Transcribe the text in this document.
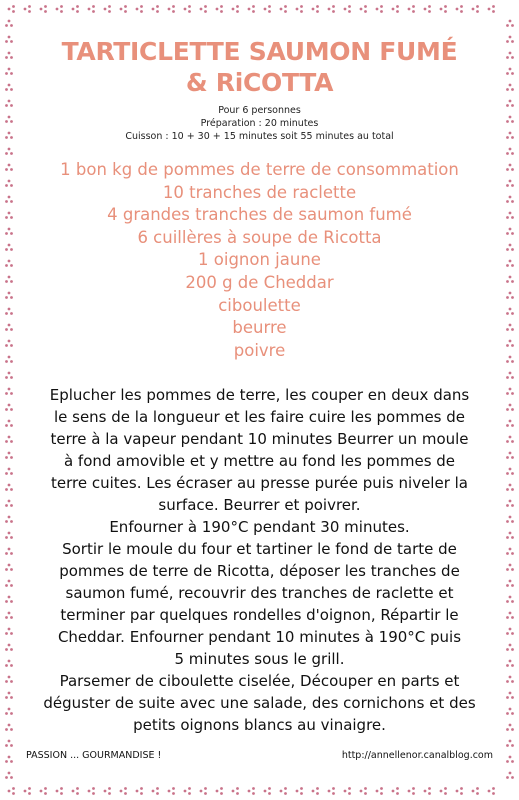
TARTICLETTE SAUMON FUMÉ
& RiCOTTA
Pour 6 personnes
Préparation : 20 minutes
Cuisson : 10 + 30 + 15 minutes soit 55 minutes au total
1 bon kg de pommes de terre de consommation
10 tranches de raclette
4 grandes tranches de saumon fumé
6 cuillères à soupe de Ricotta
1 oignon jaune
200 g de Cheddar
ciboulette
beurre
poivre
Eplucher les pommes de terre, les couper en deux dans
le sens de la longueur et les faire cuire les pommes de
terre à la vapeur pendant 10 minutes Beurrer un moule
à fond amovible et y mettre au fond les pommes de
terre cuites. Les écraser au presse purée puis niveler la
surface. Beurrer et poivrer.
Enfourner à 190°C pendant 30 minutes.
Sortir le moule du four et tartiner le fond de tarte de
pommes de terre de Ricotta, déposer les tranches de
saumon fumé, recouvrir des tranches de raclette et
terminer par quelques rondelles d'oignon, Répartir le
Cheddar. Enfourner pendant 10 minutes à 190°C puis
5 minutes sous le grill.
Parsemer de ciboulette ciselée, Découper en parts et
déguster de suite avec une salade, des cornichons et des
petits oignons blancs au vinaigre.
PASSION ... GOURMANDISE !	http://annellenor.canalblog.com
